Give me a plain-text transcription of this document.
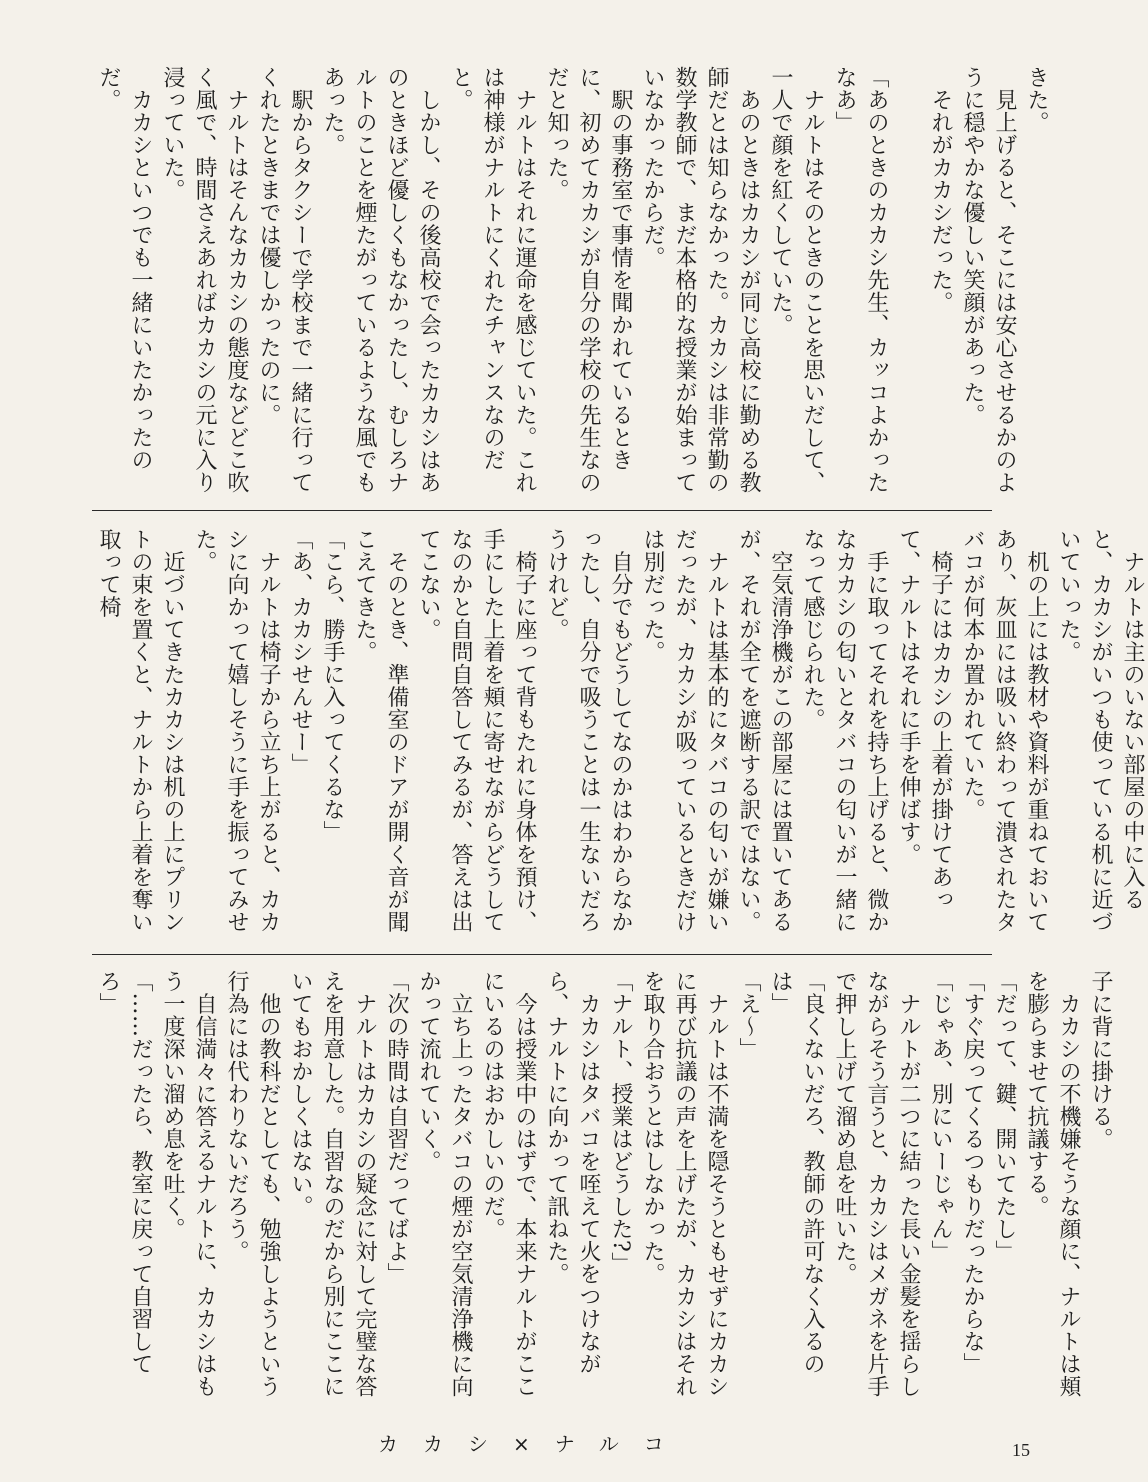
きた。

　見上げると、そこには安心させるかのように穏やかな優しい笑顔があった。

　それがカカシだった。

「あのときのカカシ先生、カッコよかったなあ」

　ナルトはそのときのことを思いだして、一人で顔を紅くしていた。

　あのときはカカシが同じ高校に勤める教師だとは知らなかった。カカシは非常勤の数学教師で、まだ本格的な授業が始まっていなかったからだ。

　駅の事務室で事情を聞かれているときに、初めてカカシが自分の学校の先生なのだと知った。

　ナルトはそれに運命を感じていた。これは神様がナルトにくれたチャンスなのだと。

　しかし、その後高校で会ったカカシはあのときほど優しくもなかったし、むしろナルトのことを煙たがっているような風でもあった。

　駅からタクシーで学校まで一緒に行ってくれたときまでは優しかったのに。

　ナルトはそんなカカシの態度などどこ吹く風で、時間さえあればカカシの元に入り浸っていた。

　カカシといつでも一緒にいたかったのだ。

　ナルトは主のいない部屋の中に入ると、カカシがいつも使っている机に近づいていった。

　机の上には教材や資料が重ねておいてあり、灰皿には吸い終わって潰されたタバコが何本か置かれていた。

　椅子にはカカシの上着が掛けてあって、ナルトはそれに手を伸ばす。

　手に取ってそれを持ち上げると、微かなカカシの匂いとタバコの匂いが一緒になって感じられた。

　空気清浄機がこの部屋には置いてあるが、それが全てを遮断する訳ではない。

　ナルトは基本的にタバコの匂いが嫌いだったが、カカシが吸っているときだけは別だった。

　自分でもどうしてなのかはわからなかったし、自分で吸うことは一生ないだろうけれど。

　椅子に座って背もたれに身体を預け、手にした上着を頬に寄せながらどうしてなのかと自問自答してみるが、答えは出てこない。

　そのとき、準備室のドアが開く音が聞こえてきた。

「こら、勝手に入ってくるな」

「あ、カカシせんせー」

　ナルトは椅子から立ち上がると、カカシに向かって嬉しそうに手を振ってみせた。

　近づいてきたカカシは机の上にプリントの束を置くと、ナルトから上着を奪い取って椅

子に背に掛ける。

　カカシの不機嫌そうな顔に、ナルトは頬を膨らませて抗議する。

「だって、鍵、開いてたし」

「すぐ戻ってくるつもりだったからな」

「じゃあ、別にいーじゃん」

　ナルトが二つに結った長い金髪を揺らしながらそう言うと、カカシはメガネを片手で押し上げて溜め息を吐いた。

「良くないだろ、教師の許可なく入るのは」

「え～」

　ナルトは不満を隠そうともせずにカカシに再び抗議の声を上げたが、カカシはそれを取り合おうとはしなかった。

「ナルト、授業はどうした?」

　カカシはタバコを咥えて火をつけながら、ナルトに向かって訊ねた。

　今は授業中のはずで、本来ナルトがここにいるのはおかしいのだ。

　立ち上ったタバコの煙が空気清浄機に向かって流れていく。

「次の時間は自習だってばよ」

　ナルトはカカシの疑念に対して完璧な答えを用意した。自習なのだから別にここにいてもおかしくはない。

　他の教科だとしても、勉強しようという行為には代わりないだろう。

　自信満々に答えるナルトに、カカシはもう一度深い溜め息を吐く。

「……だったら、教室に戻って自習してろ」

カカシ×ナルコ	15
